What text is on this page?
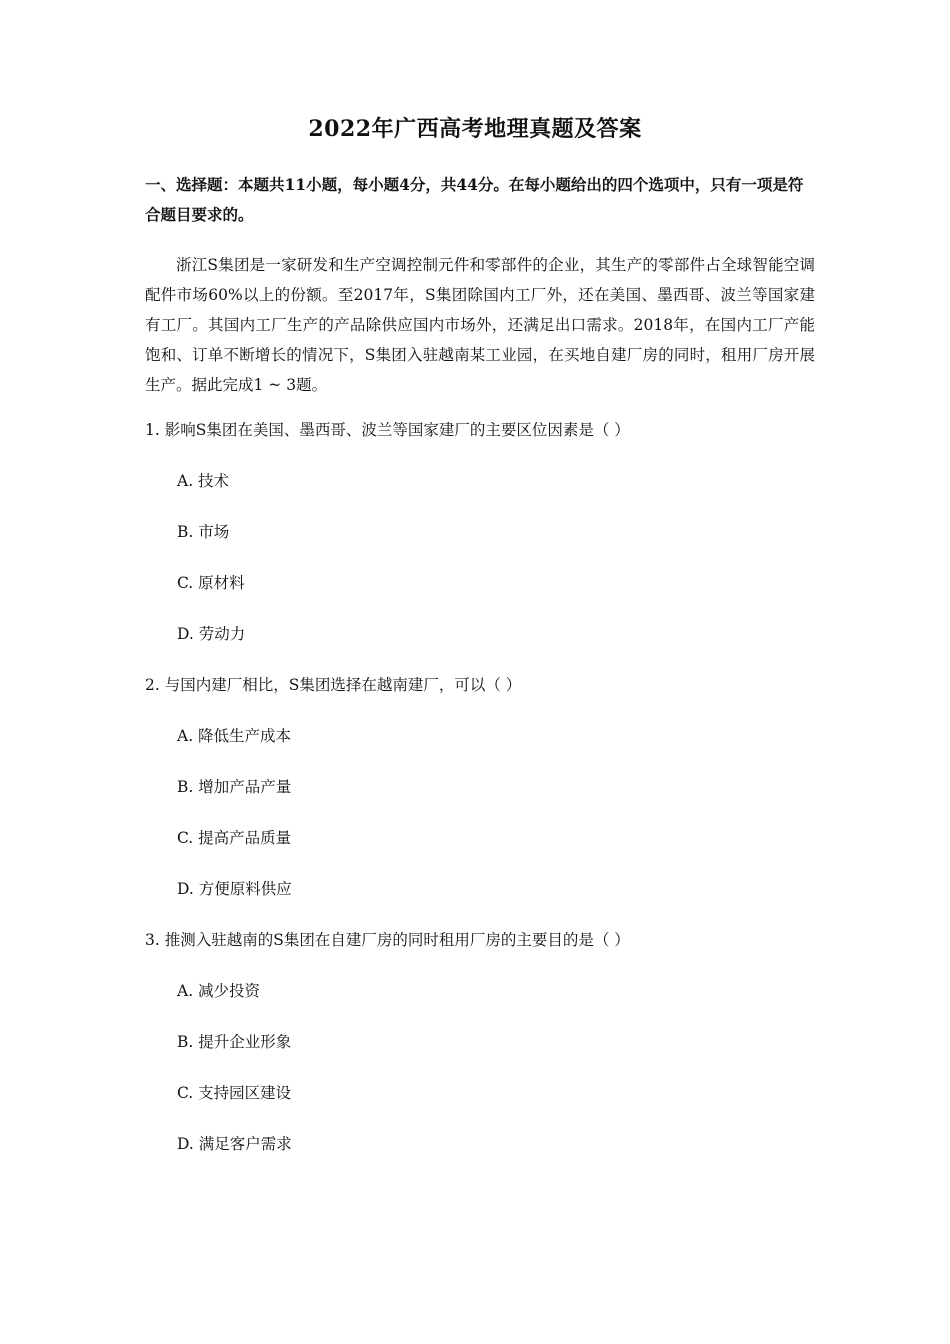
2022年广西高考地理真题及答案

一、选择题：本题共11小题，每小题4分，共44分。在每小题给出的四个选项中，只有一项是符合题目要求的。

浙江S集团是一家研发和生产空调控制元件和零部件的企业，其生产的零部件占全球智能空调配件市场60%以上的份额。至2017年，S集团除国内工厂外，还在美国、墨西哥、波兰等国家建有工厂。其国内工厂生产的产品除供应国内市场外，还满足出口需求。2018年，在国内工厂产能饱和、订单不断增长的情况下，S集团入驻越南某工业园，在买地自建厂房的同时，租用厂房开展生产。据此完成1 ~ 3题。

1. 影响S集团在美国、墨西哥、波兰等国家建厂的主要区位因素是（ ）

A. 技术

B. 市场

C. 原材料

D. 劳动力

2. 与国内建厂相比，S集团选择在越南建厂，可以（ ）

A. 降低生产成本

B. 增加产品产量

C. 提高产品质量

D. 方便原料供应

3. 推测入驻越南的S集团在自建厂房的同时租用厂房的主要目的是（ ）

A. 减少投资

B. 提升企业形象

C. 支持园区建设

D. 满足客户需求
